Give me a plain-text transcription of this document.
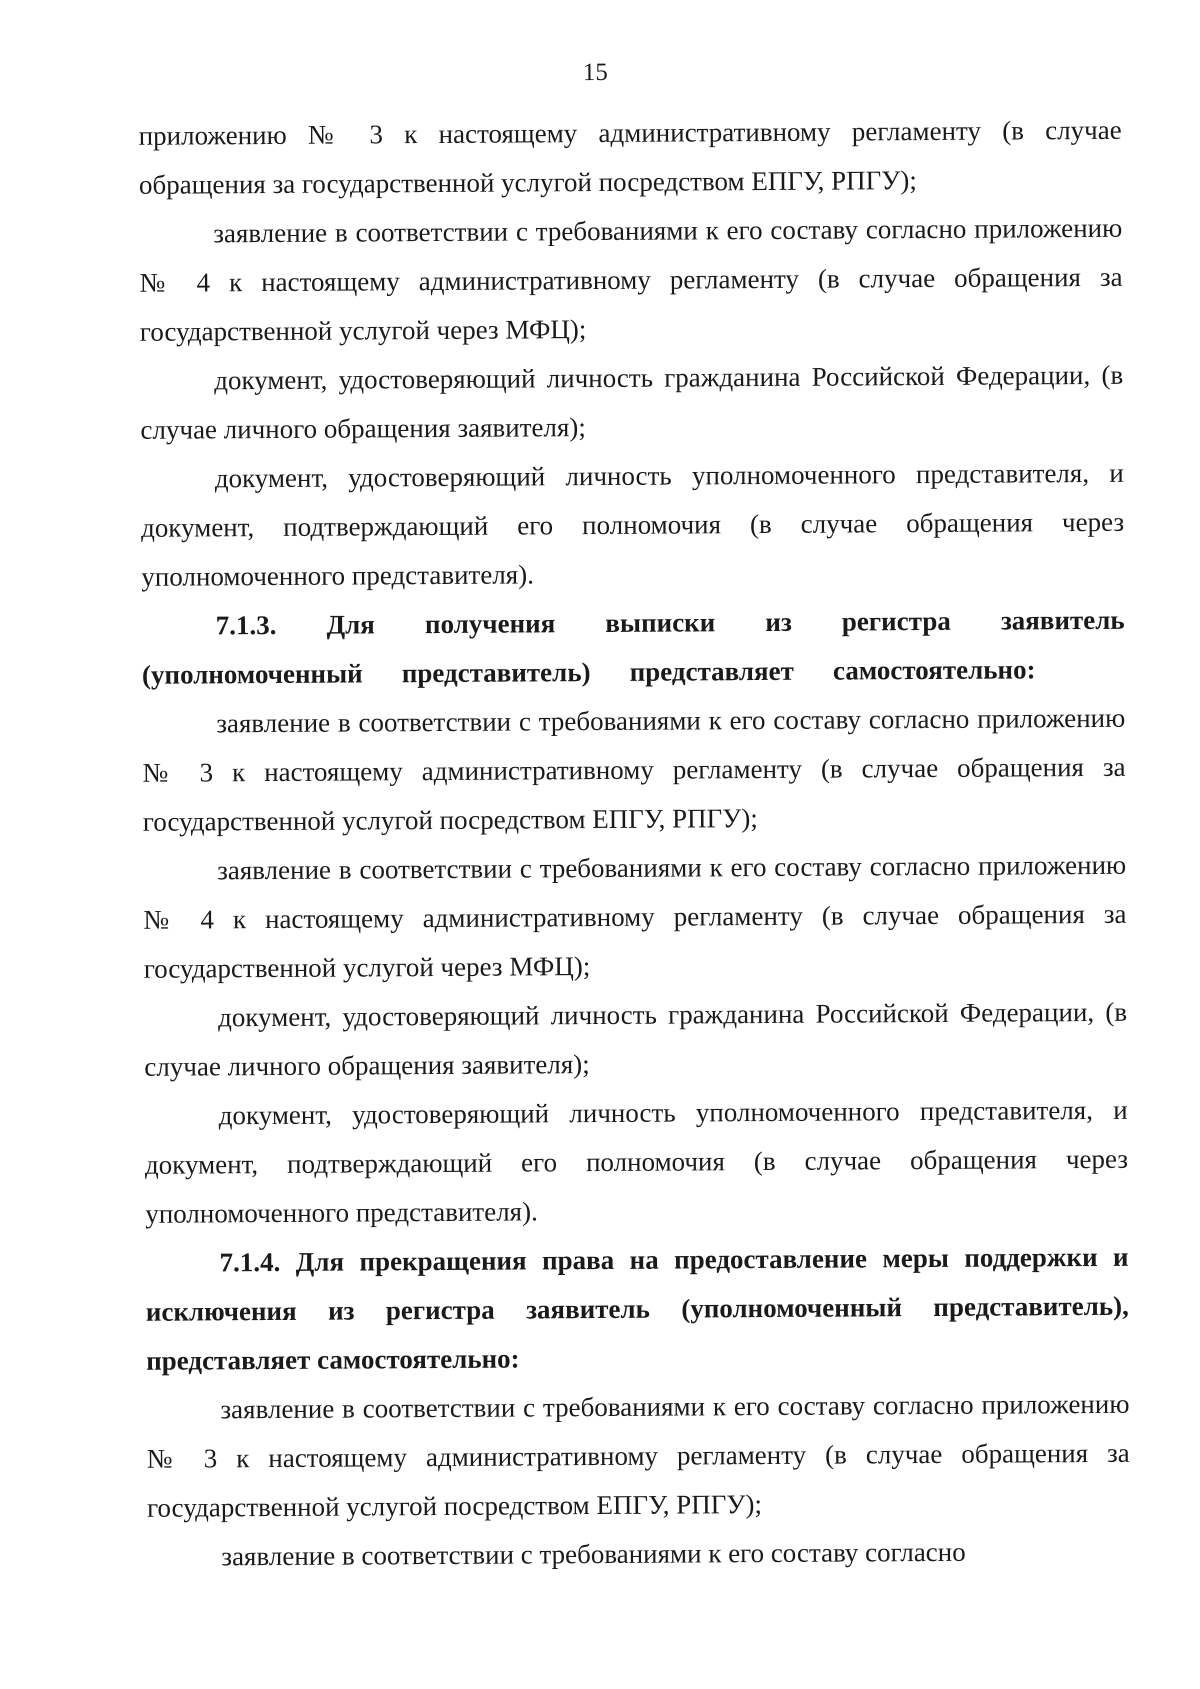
15

приложению № 3 к настоящему административному регламенту (в случае обращения за государственной услугой посредством ЕПГУ, РПГУ);

заявление в соответствии с требованиями к его составу согласно приложению № 4 к настоящему административному регламенту (в случае обращения за государственной услугой через МФЦ);

документ, удостоверяющий личность гражданина Российской Федерации, (в случае личного обращения заявителя);

документ, удостоверяющий личность уполномоченного представителя, и документ, подтверждающий его полномочия (в случае обращения через уполномоченного представителя).

7.1.3. Для получения выписки из регистра заявитель (уполномоченный представитель) представляет самостоятельно:

заявление в соответствии с требованиями к его составу согласно приложению № 3 к настоящему административному регламенту (в случае обращения за государственной услугой посредством ЕПГУ, РПГУ);

заявление в соответствии с требованиями к его составу согласно приложению № 4 к настоящему административному регламенту (в случае обращения за государственной услугой через МФЦ);

документ, удостоверяющий личность гражданина Российской Федерации, (в случае личного обращения заявителя);

документ, удостоверяющий личность уполномоченного представителя, и документ, подтверждающий его полномочия (в случае обращения через уполномоченного представителя).

7.1.4. Для прекращения права на предоставление меры поддержки и исключения из регистра заявитель (уполномоченный представитель), представляет самостоятельно:

заявление в соответствии с требованиями к его составу согласно приложению № 3 к настоящему административному регламенту (в случае обращения за государственной услугой посредством ЕПГУ, РПГУ);

заявление в соответствии с требованиями к его составу согласно
